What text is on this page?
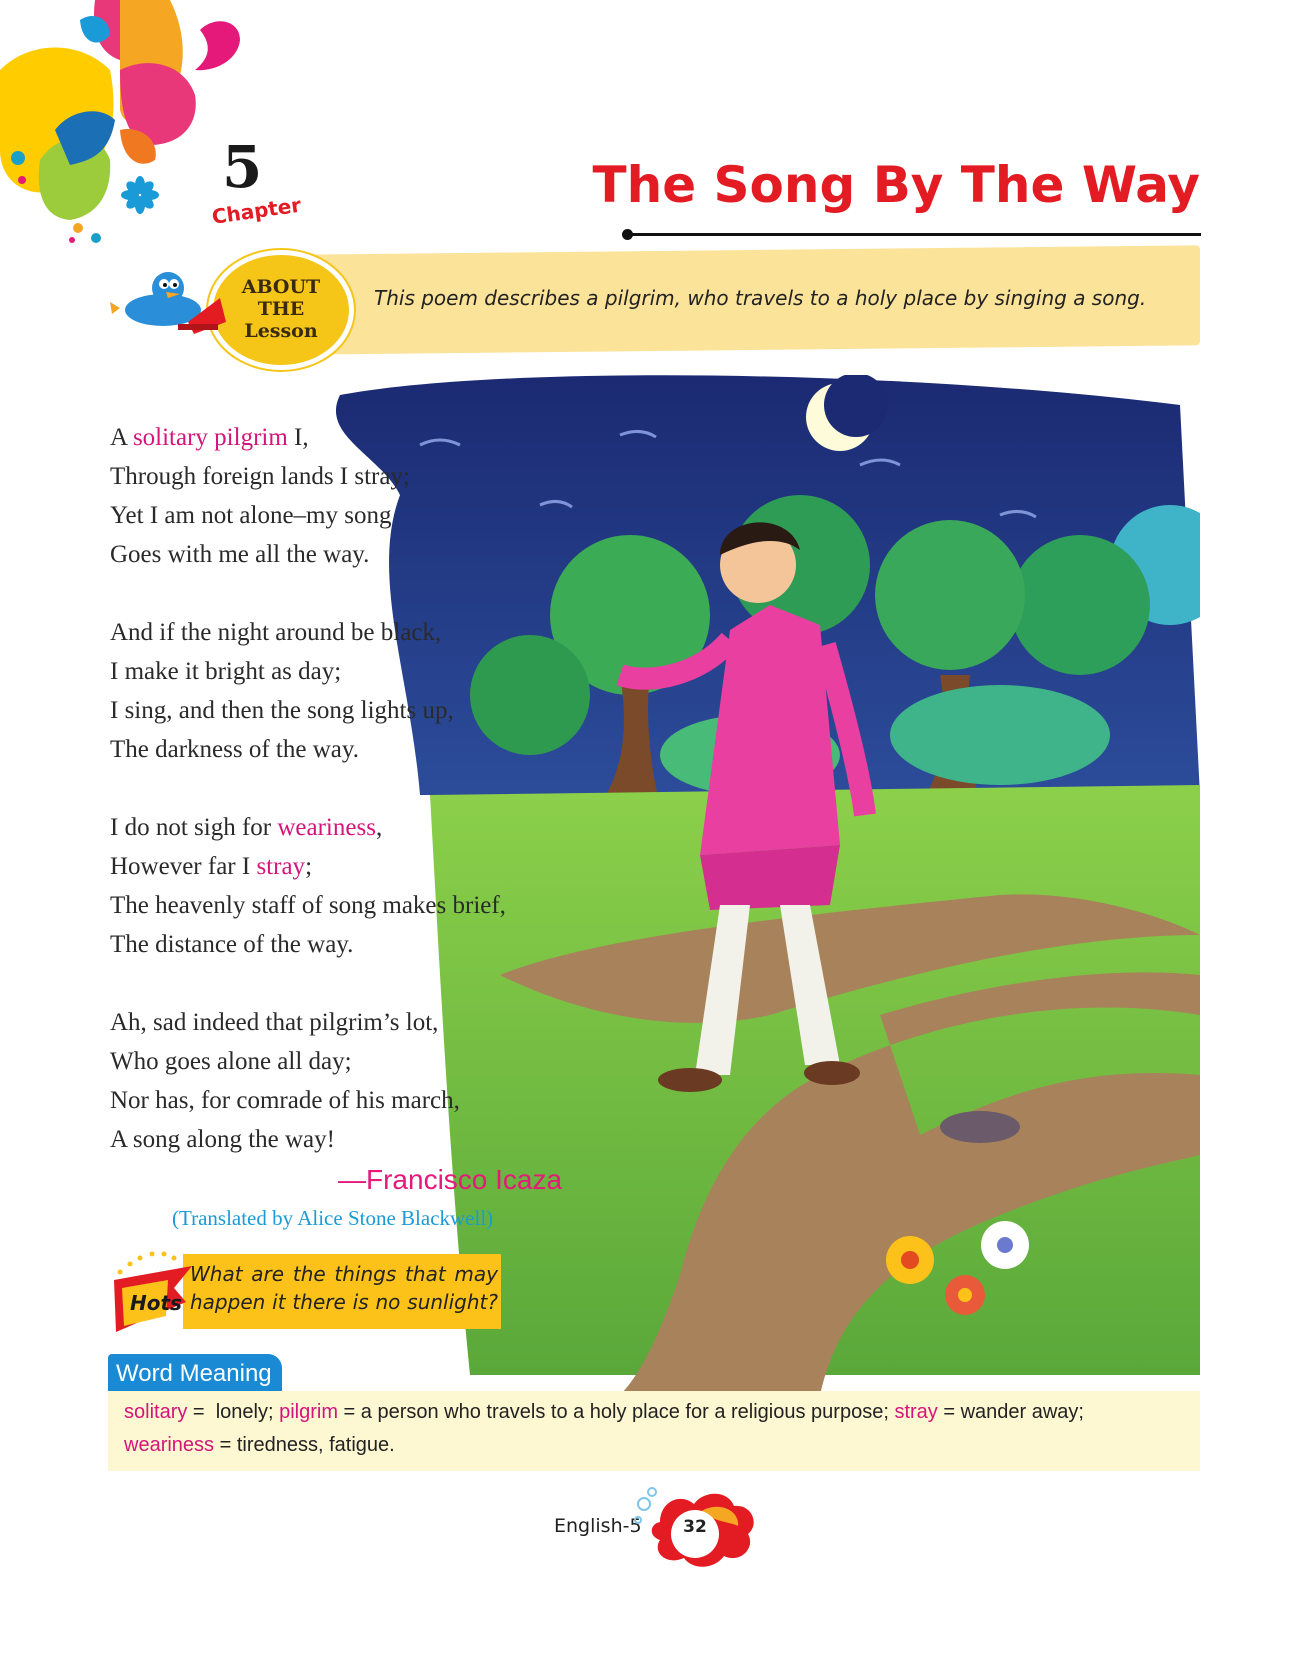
5
Chapter	The Song By The Way
This poem describes a pilgrim, who travels to a holy place by singing a song.
ABOUT
THE
Lesson
A solitary pilgrim I,
Through foreign lands I stray;
Yet I am not alone–my song
Goes with me all the way.
And if the night around be black,
I make it bright as day;
I sing, and then the song lights up,
The darkness of the way.
I do not sigh for weariness,
However far I stray;
The heavenly staff of song makes brief,
The distance of the way.
Ah, sad indeed that pilgrim’s lot,
Who goes alone all day;
Nor has, for comrade of his march,
A song along the way!
—Francisco Icaza
(Translated by Alice Stone Blackwell)
What are the things that may happen it there is no sunlight?
Hots
Word Meaning
solitary =  lonely; pilgrim = a person who travels to a holy place for a religious purpose; stray = wander away;
weariness = tiredness, fatigue.
English-5	32
